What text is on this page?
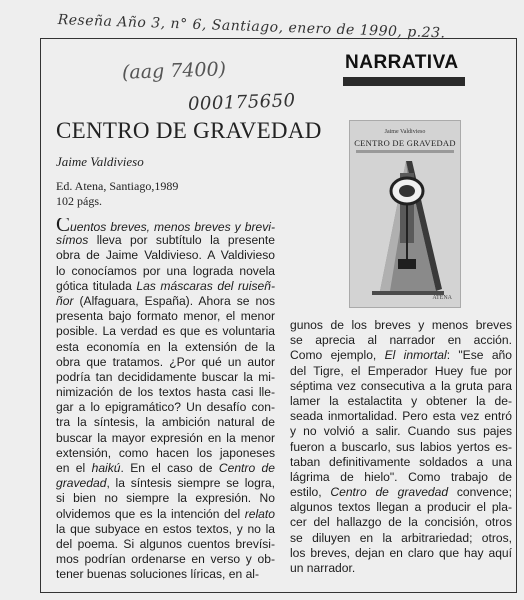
Reseña Año 3, n° 6, Santiago, enero de 1990, p.23.
(aag 7400)
000175650
NARRATIVA
CENTRO DE GRAVEDAD
Jaime Valdivieso
Ed. Atena, Santiago,1989
102 págs.
Jaime Valdivieso
CENTRO DE GRAVEDAD
ATENA
Cuentos breves, menos breves y brevi-
símos lleva por subtítulo la presente
obra de Jaime Valdivieso. A Valdivieso
lo conocíamos por una lograda novela
gótica titulada Las máscaras del ruiseñ-
ñor (Alfaguara, España). Ahora se nos
presenta bajo formato menor, el menor
posible. La verdad es que es voluntaria
esta economía en la extensión de la
obra que tratamos. ¿Por qué un autor
podría tan decididamente buscar la mi-
nimización de los textos hasta casi lle-
gar a lo epigramático? Un desafío con-
tra la síntesis, la ambición natural de
buscar la mayor expresión en la menor
extensión, como hacen los japoneses
en el haikú. En el caso de Centro de
gravedad, la síntesis siempre se logra,
si bien no siempre la expresión. No
olvidemos que es la intención del relato
la que subyace en estos textos, y no la
del poema. Si algunos cuentos brevísi-
mos podrían ordenarse en verso y ob-
tener buenas soluciones líricas, en al-
gunos de los breves y menos breves
se aprecia al narrador en acción.
Como ejemplo, El inmortal: "Ese año
del Tigre, el Emperador Huey fue por
séptima vez consecutiva a la gruta para
lamer la estalactita y obtener la de-
seada inmortalidad. Pero esta vez entró
y no volvió a salir. Cuando sus pajes
fueron a buscarlo, sus labios yertos es-
taban definitivamente soldados a una
lágrima de hielo". Como trabajo de
estilo, Centro de gravedad convence;
algunos textos llegan a producir el pla-
cer del hallazgo de la concisión, otros
se diluyen en la arbitrariedad; otros,
los breves, dejan en claro que hay aquí
un narrador.
